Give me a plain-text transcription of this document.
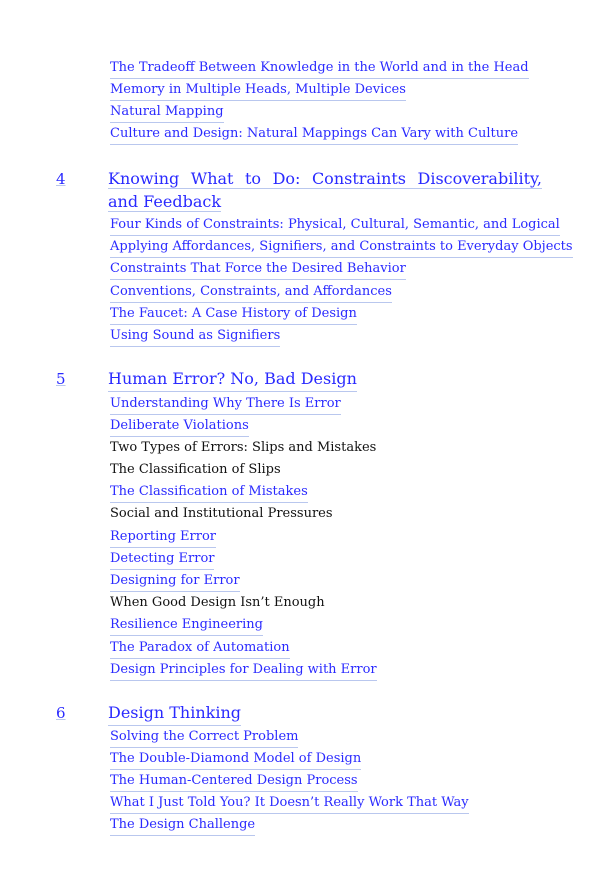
The Tradeoff Between Knowledge in the World and in the Head
Memory in Multiple Heads, Multiple Devices
Natural Mapping
Culture and Design: Natural Mappings Can Vary with Culture
4	Knowing What to Do: Constraints Discoverability, and Feedback
Four Kinds of Constraints: Physical, Cultural, Semantic, and Logical
Applying Affordances, Signifiers, and Constraints to Everyday Objects
Constraints That Force the Desired Behavior
Conventions, Constraints, and Affordances
The Faucet: A Case History of Design
Using Sound as Signifiers
5	Human Error? No, Bad Design
Understanding Why There Is Error
Deliberate Violations
Two Types of Errors: Slips and Mistakes
The Classification of Slips
The Classification of Mistakes
Social and Institutional Pressures
Reporting Error
Detecting Error
Designing for Error
When Good Design Isn’t Enough
Resilience Engineering
The Paradox of Automation
Design Principles for Dealing with Error
6	Design Thinking
Solving the Correct Problem
The Double-Diamond Model of Design
The Human-Centered Design Process
What I Just Told You? It Doesn’t Really Work That Way
The Design Challenge
